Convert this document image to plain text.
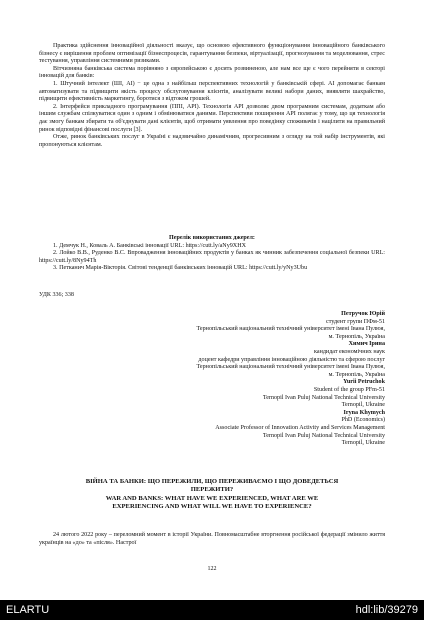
Практика здійснення інноваційної діяльності вказує, що основою ефективного функціонування інноваційного банківського бізнесу є вирішення проблем оптимізації бізнеспроцесів, гарантування безпеки, віртуалізації, прогнозування та моделювання, стрес тестування, управління системними ризиками.

Вітчизняна банківська система порівняно з європейською є досить розвиненою, але нам все ще є чого перейняти в секторі інновацій для банків:

1. Штучний інтелект (ШІ, AI) − це одна з найбільш перспективних технологій у банківській сфері. AI допомагає банкам автоматизувати та підвищити якість процесу обслуговування клієнтів, аналізувати великі набори даних, виявляти шахрайство, підвищити ефективність маркетингу, боротися з відтоком грошей.

2. Інтерфейси прикладного програмування (ППІ, API). Технологія API дозволяє двом програмним системам, додаткам або іншим службам спілкуватися один з одним і обмінюватися даними. Перспективи поширення API полягає у тому, що ця технологія дає змогу банкам збирати та об'єднувати дані клієнтів, щоб отримати уявлення про поведінку споживачів і націлити на правильний ринок відповідні фінансові послуги [3].

Отже, ринок банківських послуг в Україні є надзвичайно динамічним, прогресивним з огляду на той набір інструментів, які пропонуються клієнтам.

Перелік використаних джерел:

1. Демчук Н., Коваль А. Банківські інновації URL: https://cutt.ly/aNy9XHX

2. Лойко В.В., Руденко В.С. Впровадження інноваційних продуктів у банках як чинник забезпечення соціальної безпеки URL: https://cutt.ly/8Ny94Th

3. Петканич Марія-Вікторія. Світові тенденції банківських інновацій URL: https://cutt.ly/yNy3Ubu

УДК 336; 338

Петручок Юрій

студент групи ПФм-51

Тернопільський національний технічний університет імені Івана Пулюя,

м. Тернопіль, Україна

Химич Ірина

кандидат економічних наук

доцент кафедри управління інноваційною діяльністю та сферою послуг

Тернопільський національний технічний університет імені Івана Пулюя,

м. Тернопіль, Україна

Yurii Petruchok

Student of the group PFm-51

Ternopil Ivan Puluj National Technical University

Ternopil, Ukraine

Iryna Khymych

PhD (Economics)

Associate Professor of Innovation Activity and Services Management

Ternopil Ivan Puluj National Technical University

Ternopil, Ukraine

ВІЙНА ТА БАНКИ: ЩО ПЕРЕЖИЛИ, ЩО ПЕРЕЖИВАЄМО І ЩО ДОВЕДЕТЬСЯ ПЕРЕЖИТИ?

WAR AND BANKS: WHAT HAVE WE EXPERIENCED, WHAT ARE WE EXPERIENCING AND WHAT WILL WE HAVE TO EXPERIENCE?

24 лютого 2022 року – переломний момент в історії України. Повномасштабне вторгнення російської федерації змінило життя українців на «до» та «після». Настрої

122
ELARTU	hdl:lib/39279
